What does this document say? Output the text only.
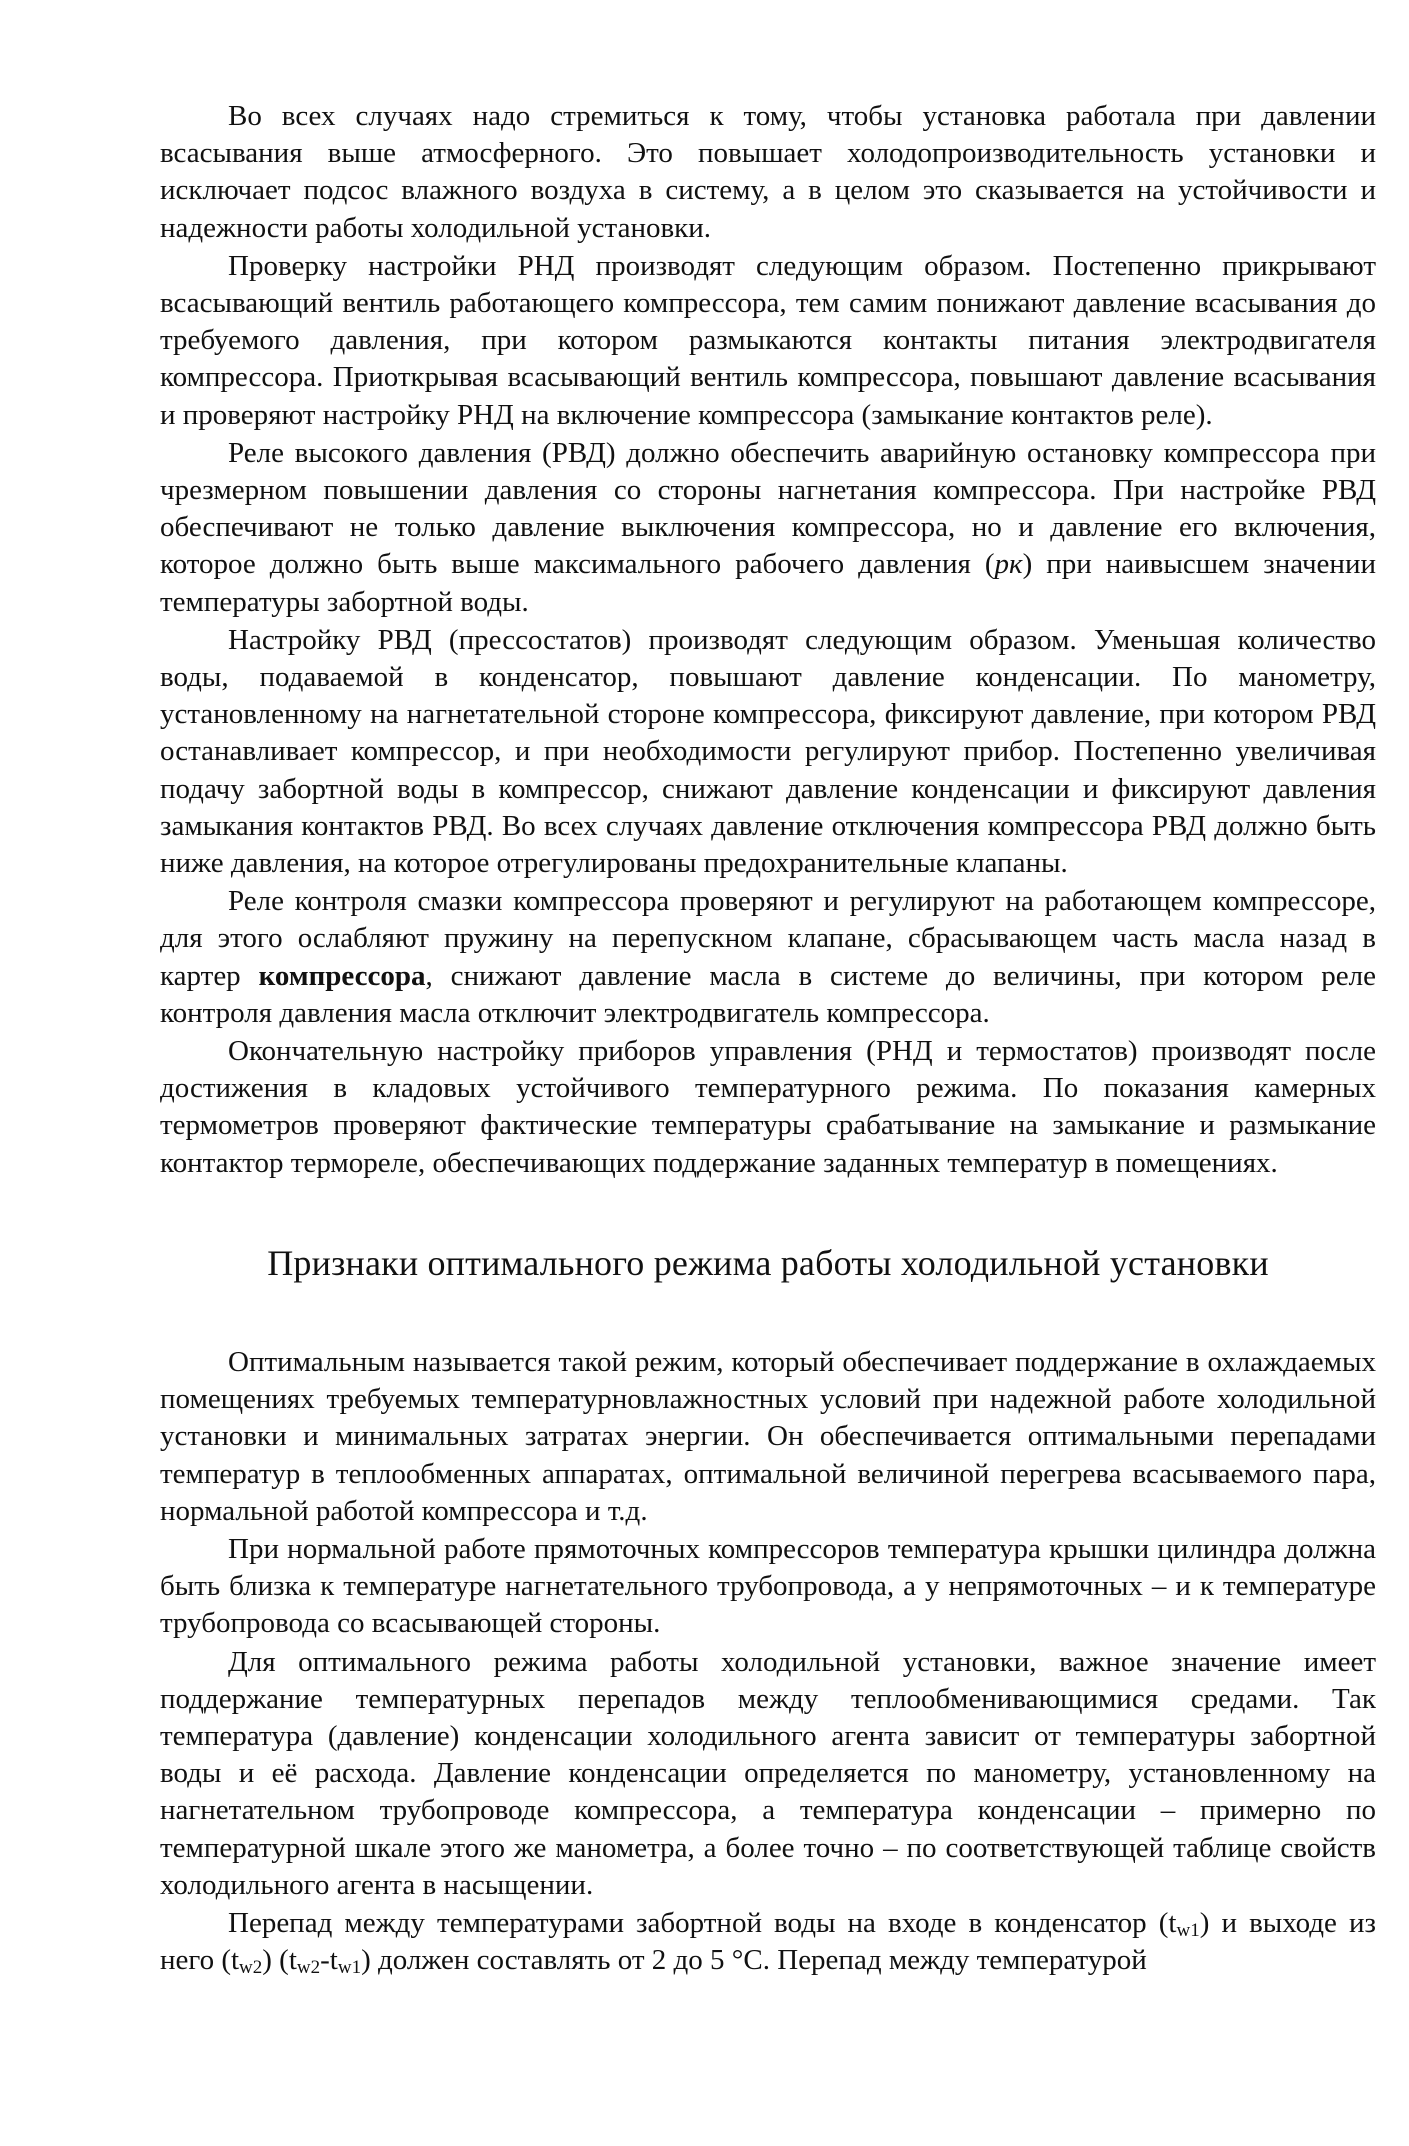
Во всех случаях надо стремиться к тому, чтобы установка работала при давлении всасывания выше атмосферного. Это повышает холодопроизводительность установки и исключает подсос влажного воздуха в систему, а в целом это сказывается на устойчивости и надежности работы холодильной установки.

Проверку настройки РНД производят следующим образом. Постепенно прикрывают всасывающий вентиль работающего компрессора, тем самим понижают давление всасывания до требуемого давления, при котором размыкаются контакты питания электродвигателя компрессора. Приоткрывая всасывающий вентиль компрессора, повышают давление всасывания и проверяют настройку РНД на включение компрессора (замыкание контактов реле).

Реле высокого давления (РВД) должно обеспечить аварийную остановку компрессора при чрезмерном повышении давления со стороны нагнетания компрессора. При настройке РВД обеспечивают не только давление выключения компрессора, но и давление его включения, которое должно быть выше максимального рабочего давления (рк) при наивысшем значении температуры забортной воды.

Настройку РВД (прессостатов) производят следующим образом. Уменьшая количество воды, подаваемой в конденсатор, повышают давление конденсации. По манометру, установленному на нагнетательной стороне компрессора, фиксируют давление, при котором РВД останавливает компрессор, и при необходимости регулируют прибор. Постепенно увеличивая подачу забортной воды в компрессор, снижают давление конденсации и фиксируют давления замыкания контактов РВД. Во всех случаях давление отключения компрессора РВД должно быть ниже давления, на которое отрегулированы предохранительные клапаны.

Реле контроля смазки компрессора проверяют и регулируют на работающем компрессоре, для этого ослабляют пружину на перепускном клапане, сбрасывающем часть масла назад в картер компрессора, снижают давление масла в системе до величины, при котором реле контроля давления масла отключит электродвигатель компрессора.

Окончательную настройку приборов управления (РНД и термостатов) производят после достижения в кладовых устойчивого температурного режима. По показания камерных термометров проверяют фактические температуры срабатывание на замыкание и размыкание контактор термореле, обеспечивающих поддержание заданных температур в помещениях.

Признаки оптимального режима работы холодильной установки

Оптимальным называется такой режим, который обеспечивает поддержание в охлаждаемых помещениях требуемых температурновлажностных условий при надежной работе холодильной установки и минимальных затратах энергии. Он обеспечивается оптимальными перепадами температур в теплообменных аппаратах, оптимальной величиной перегрева всасываемого пара, нормальной работой компрессора и т.д.

При нормальной работе прямоточных компрессоров температура крышки цилиндра должна быть близка к температуре нагнетательного трубопровода, а у непрямоточных – и к температуре трубопровода со всасывающей стороны.

Для оптимального режима работы холодильной установки, важное значение имеет поддержание температурных перепадов между теплообменивающимися средами. Так температура (давление) конденсации холодильного агента зависит от температуры забортной воды и её расхода. Давление конденсации определяется по манометру, установленному на нагнетательном трубопроводе компрессора, а температура конденсации – примерно по температурной шкале этого же манометра, а более точно – по соответствующей таблице свойств холодильного агента в насыщении.

Перепад между температурами забортной воды на входе в конденсатор $(t_{w1})$ и выходе из него $(t_{w2})$ $(t_{w2}-t_{w1})$ должен составлять от 2 до 5 °С. Перепад между температурой
